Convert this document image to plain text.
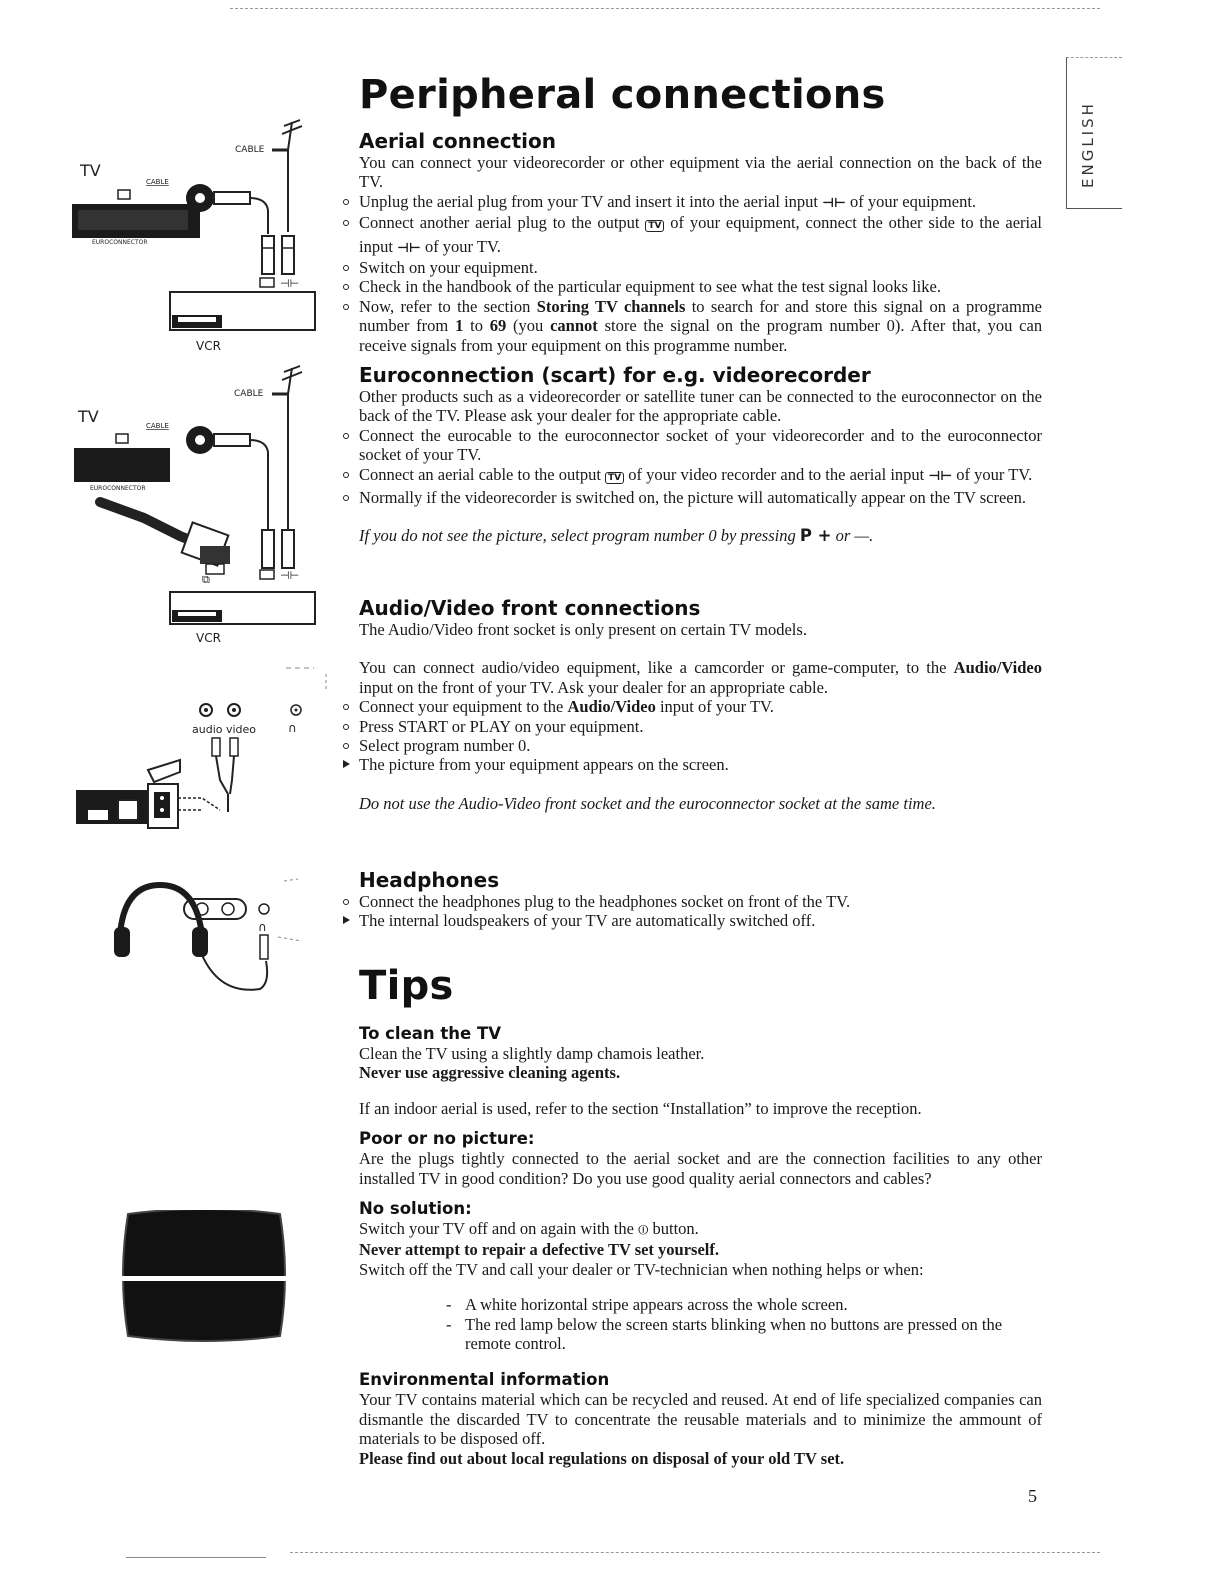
ENGLISH
TV
CABLE
CABLE
EUROCONNECTOR
⊣⊢
VCR
TV
CABLE
CABLE
EUROCONNECTOR
⧉	⊣⊢
VCR
audio video	∩
∩
Peripheral connections
Aerial connection

You can connect your videorecorder or other equipment via the aerial connection on the back of the TV.

Unplug the aerial plug from your TV and insert it into the aerial input ⊣⊢ of your equipment.
Connect another aerial plug to the output TV of your equipment, connect the other side to the aerial input ⊣⊢ of your TV.
Switch on your equipment.
Check in the handbook of the particular equipment to see what the test signal looks like.
Now, refer to the section Storing TV channels to search for and store this signal on a programme number from 1 to 69 (you cannot store the signal on the program number 0). After that, you can receive signals from your equipment on this programme number.
Euroconnection (scart) for e.g. videorecorder

Other products such as a videorecorder or satellite tuner can be connected to the euroconnector on the back of the TV. Please ask your dealer for the appropriate cable.

Connect the eurocable to the euroconnector socket of your videorecorder and to the euroconnector socket of your TV.
Connect an aerial cable to the output TV of your video recorder and to the aerial input ⊣⊢ of your TV.
Normally if the videorecorder is switched on, the picture will automatically appear on the TV screen.

If you do not see the picture, select program number 0 by pressing P + or —.

Audio/Video front connections

The Audio/Video front socket is only present on certain TV models.

You can connect audio/video equipment, like a camcorder or game-computer, to the Audio/Video input on the front of your TV. Ask your dealer for an appropriate cable.

Connect your equipment to the Audio/Video input of your TV.
Press START or PLAY on your equipment.
Select program number 0.
The picture from your equipment appears on the screen.

Do not use the Audio-Video front socket and the euroconnector socket at the same time.

Headphones
Connect the headphones plug to the headphones socket on front of the TV.
The internal loudspeakers of your TV are automatically switched off.
Tips
To clean the TV

Clean the TV using a slightly damp chamois leather.

Never use aggressive cleaning agents.

If an indoor aerial is used, refer to the section “Installation” to improve the reception.

Poor or no picture:

Are the plugs tightly connected to the aerial socket and are the connection facilities to any other installed TV in good condition? Do you use good quality aerial connectors and cables?

No solution:

Switch your TV off and on again with the ⏼ button.

Never attempt to repair a defective TV set yourself.

Switch off the TV and call your dealer or TV-technician when nothing helps or when:

- A white horizontal stripe appears across the whole screen.
- The red lamp below the screen starts blinking when no buttons are pressed on the remote control.
Environmental information

Your TV contains material which can be recycled and reused. At end of life specialized companies can dismantle the discarded TV to concentrate the reusable materials and to minimize the ammount of materials to be disposed off.

Please find out about local regulations on disposal of your old TV set.

5
